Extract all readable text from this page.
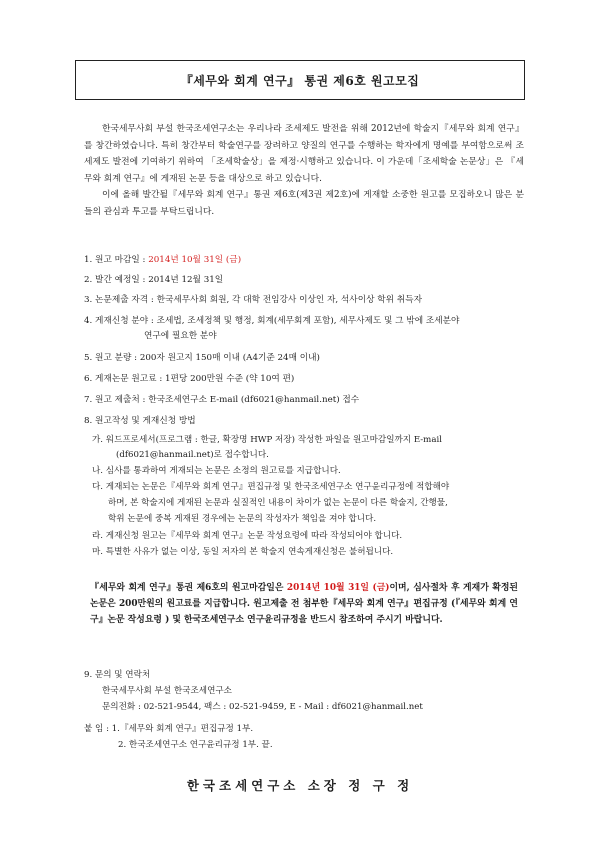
『세무와 회계 연구』 통권 제6호 원고모집

한국세무사회 부설 한국조세연구소는 우리나라 조세제도 발전을 위해 2012년에 학술지『세무와 회계 연구』를 창간하였습니다. 특히 창간부터 학술연구를 장려하고 양질의 연구를 수행하는 학자에게 명예를 부여함으로써 조세제도 발전에 기여하기 위하여 「조세학술상」을 제정·시행하고 있습니다. 이 가운데「조세학술 논문상」은 『세무와 회계 연구』에 게재된 논문 등을 대상으로 하고 있습니다.

이에 올해 발간될『세무와 회계 연구』통권 제6호(제3권 제2호)에 게재할 소중한 원고를 모집하오니 많은 분들의 관심과 투고를 부탁드립니다.

1. 원고 마감일 : 2014년 10월 31일 (금)
2. 발간 예정일 : 2014년 12월 31일
3. 논문제출 자격 : 한국세무사회 회원, 각 대학 전임강사 이상인 자, 석사이상 학위 취득자
4. 게재신청 분야 : 조세법, 조세정책 및 행정, 회계(세무회계 포함), 세무사제도 및 그 밖에 조세분야
연구에 필요한 분야
5. 원고 분량 : 200자 원고지 150매 이내 (A4기준 24매 이내)
6. 게재논문 원고료 : 1편당 200만원 수준 (약 10여 편)
7. 원고 제출처 : 한국조세연구소 E-mail (df6021@hanmail.net) 접수
8. 원고작성 및 게재신청 방법
가. 워드프로세서(프로그램 : 한글, 확장명 HWP 저장) 작성한 파일을 원고마감일까지 E-mail
(df6021@hanmail.net)로 접수합니다.
나. 심사를 통과하여 게재되는 논문은 소정의 원고료를 지급합니다.
다. 게재되는 논문은『세무와 회계 연구』편집규정 및 한국조세연구소 연구윤리규정에 적합해야
하며, 본 학술지에 게재된 논문과 실질적인 내용이 차이가 없는 논문이 다른 학술지, 간행물,
학위 논문에 중복 게재된 경우에는 논문의 작성자가 책임을 져야 합니다.
라. 게재신청 원고는『세무와 회계 연구』논문 작성요령에 따라 작성되어야 합니다.
마. 특별한 사유가 없는 이상, 동일 저자의 본 학술지 연속게재신청은 불허됩니다.
『세무와 회계 연구』통권 제6호의 원고마감일은 2014년 10월 31일 (금)이며, 심사절차 후 게재가 확정된 논문은 200만원의 원고료를 지급합니다. 원고제출 전 첨부한『세무와 회계 연구』편집규정 (『세무와 회계 연구』논문 작성요령 ) 및 한국조세연구소 연구윤리규정을 반드시 참조하여 주시기 바랍니다.
9. 문의 및 연락처
한국세무사회 부설 한국조세연구소
문의전화 : 02-521-9544, 팩스 : 02-521-9459, E - Mail : df6021@hanmail.net
붙 임 : 1.『세무와 회계 연구』편집규정 1부.
2. 한국조세연구소 연구윤리규정 1부. 끝.
한국조세연구소 소장 정 구 정
